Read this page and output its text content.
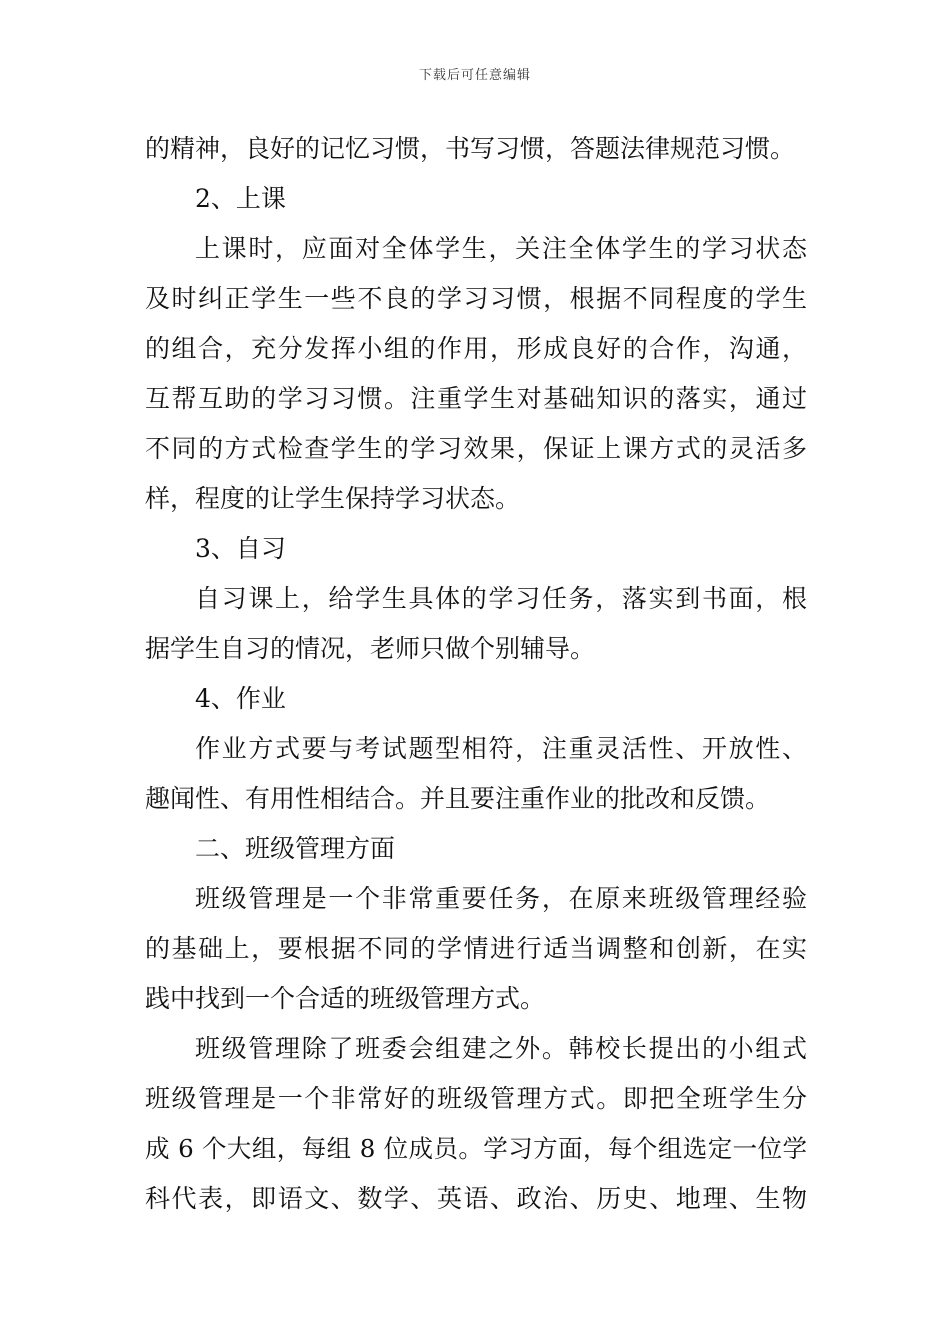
下载后可任意编辑
的精神，良好的记忆习惯，书写习惯，答题法律规范习惯。
2、上课
上课时，应面对全体学生，关注全体学生的学习状态
及时纠正学生一些不良的学习习惯，根据不同程度的学生
的组合，充分发挥小组的作用，形成良好的合作，沟通，
互帮互助的学习习惯。注重学生对基础知识的落实，通过
不同的方式检查学生的学习效果，保证上课方式的灵活多
样，程度的让学生保持学习状态。
3、自习
自习课上，给学生具体的学习任务，落实到书面，根
据学生自习的情况，老师只做个别辅导。
4、作业
作业方式要与考试题型相符，注重灵活性、开放性、
趣闻性、有用性相结合。并且要注重作业的批改和反馈。
二、班级管理方面
班级管理是一个非常重要任务，在原来班级管理经验
的基础上，要根据不同的学情进行适当调整和创新，在实
践中找到一个合适的班级管理方式。
班级管理除了班委会组建之外。韩校长提出的小组式
班级管理是一个非常好的班级管理方式。即把全班学生分
成 6 个大组，每组 8 位成员。学习方面，每个组选定一位学
科代表，即语文、数学、英语、政治、历史、地理、生物
